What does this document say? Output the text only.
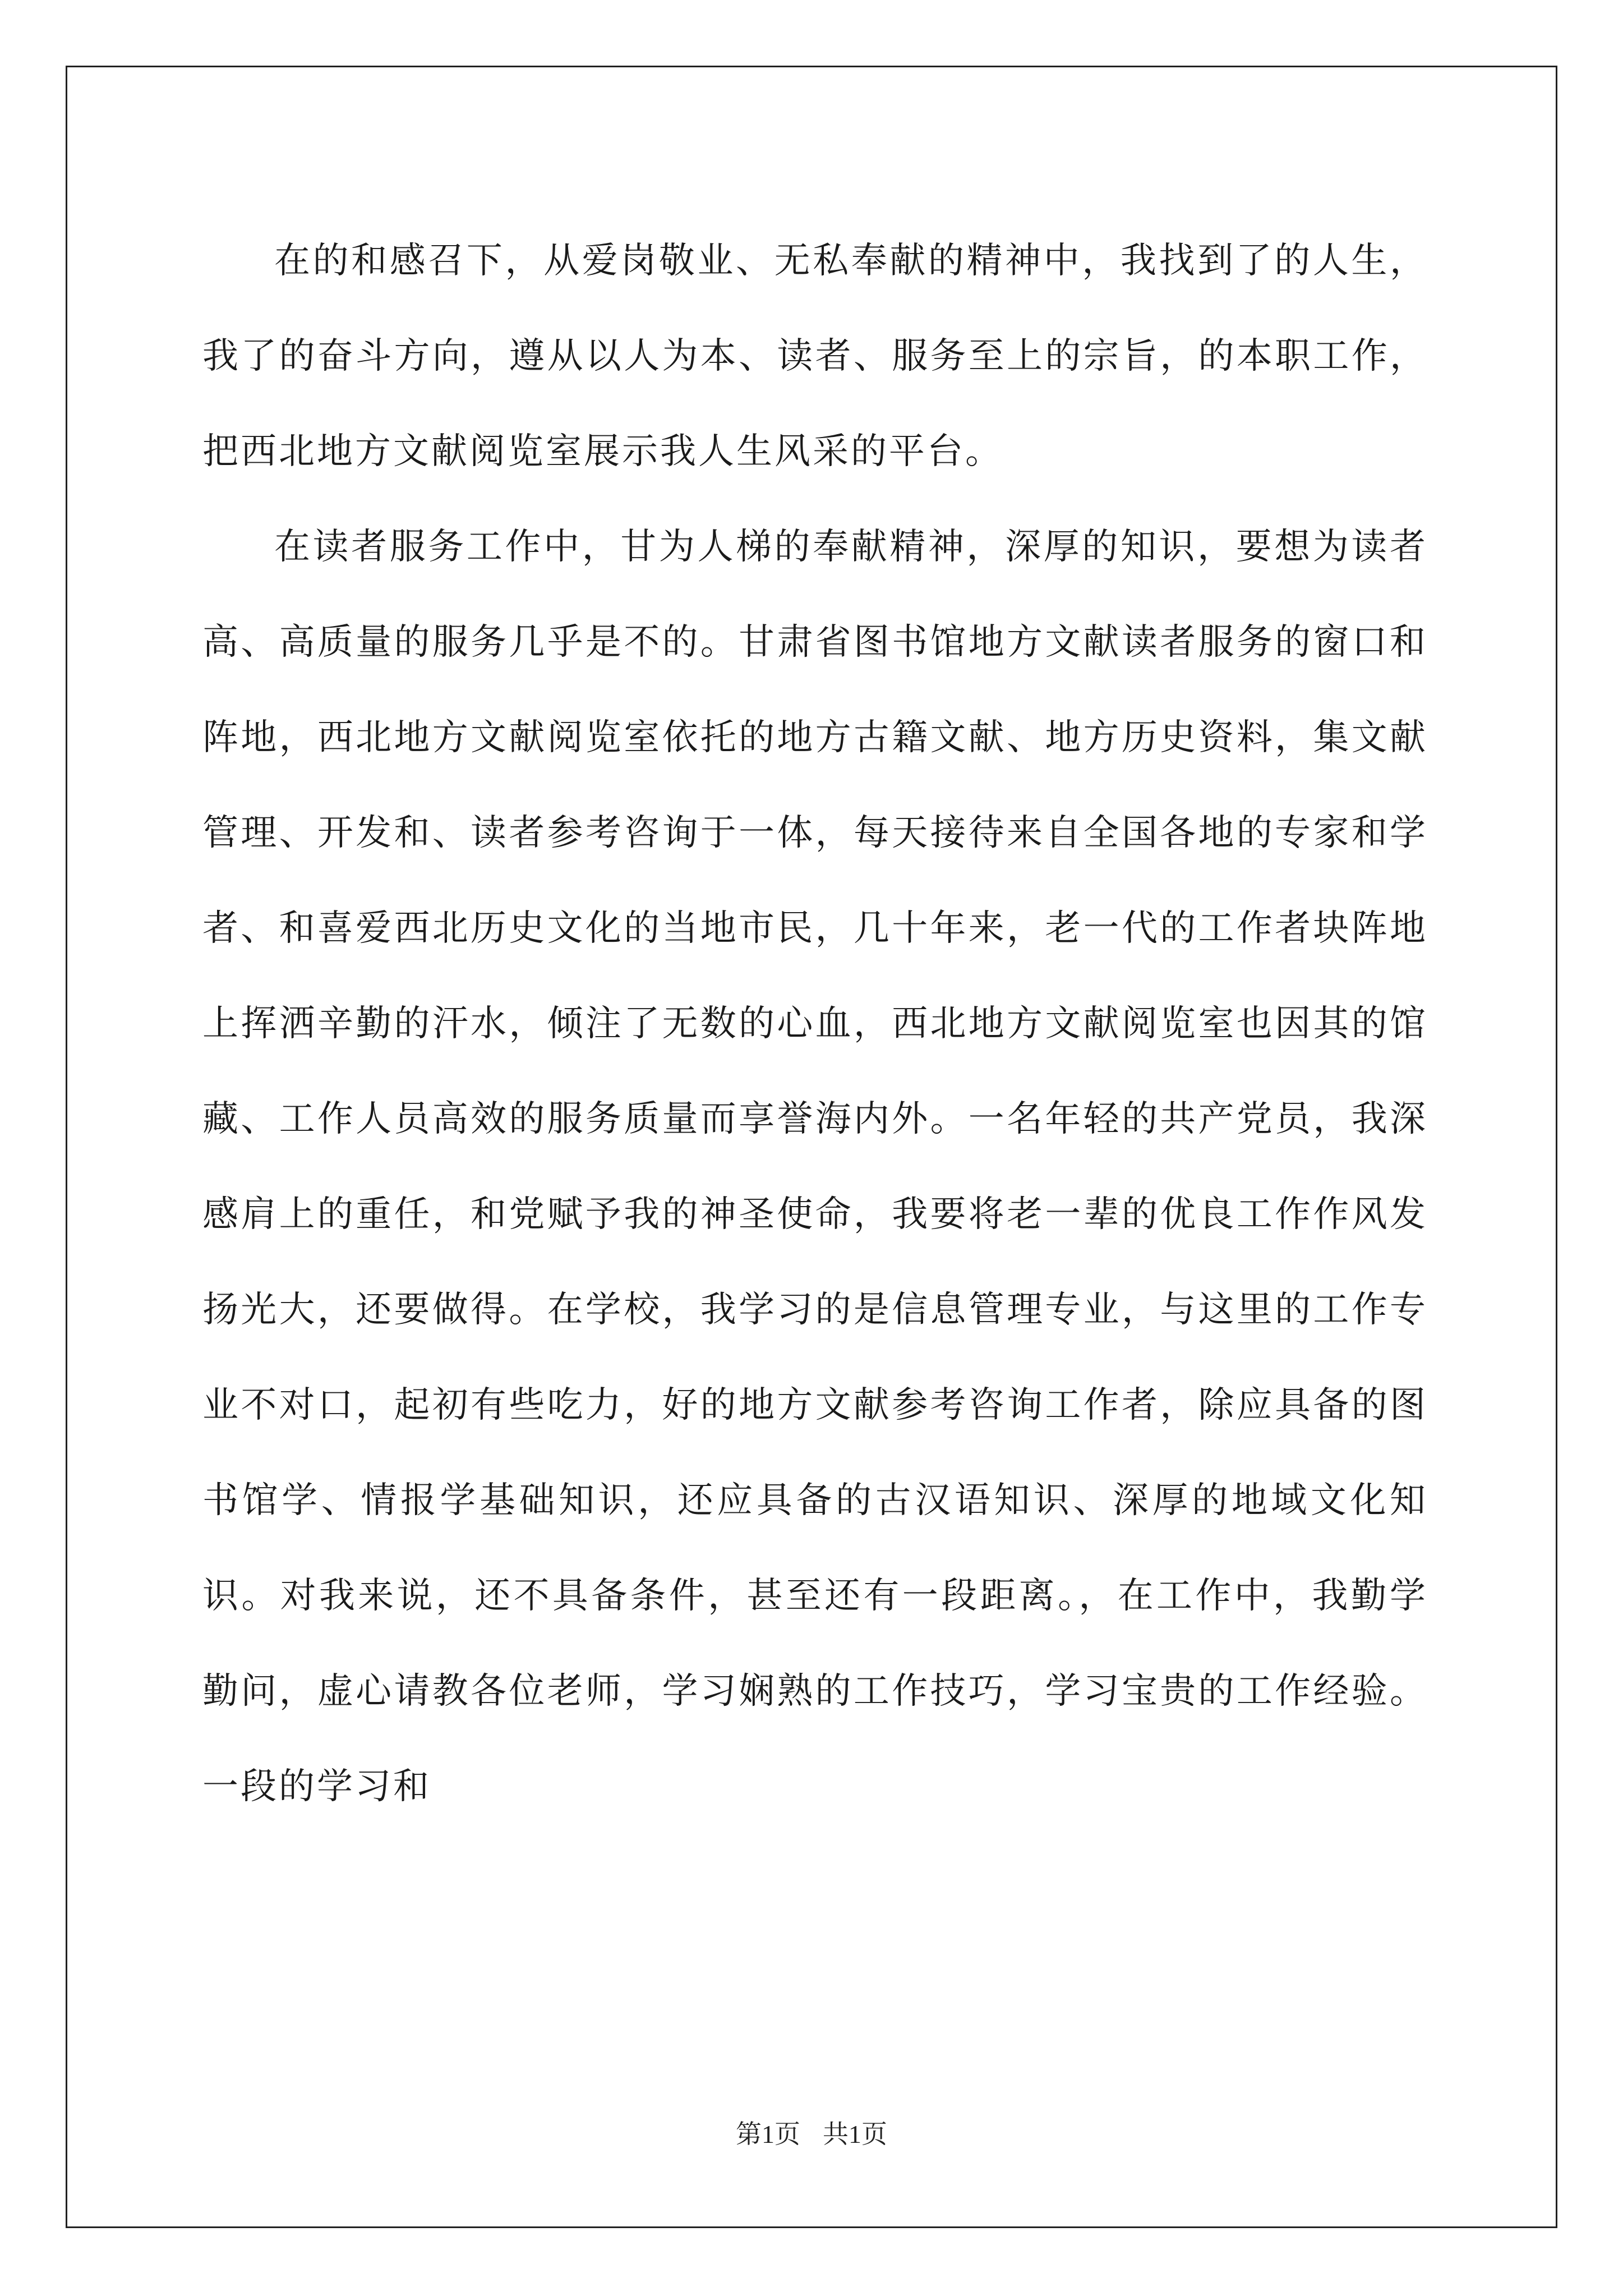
在的和感召下，从爱岗敬业、无私奉献的精神中，我找到了的人生，我了的奋斗方向，遵从以人为本、读者、服务至上的宗旨，的本职工作，把西北地方文献阅览室展示我人生风采的平台。

在读者服务工作中，甘为人梯的奉献精神，深厚的知识，要想为读者高、高质量的服务几乎是不的。甘肃省图书馆地方文献读者服务的窗口和阵地，西北地方文献阅览室依托的地方古籍文献、地方历史资料，集文献管理、开发和、读者参考咨询于一体，每天接待来自全国各地的专家和学者、和喜爱西北历史文化的当地市民，几十年来，老一代的工作者块阵地上挥洒辛勤的汗水，倾注了无数的心血，西北地方文献阅览室也因其的馆藏、工作人员高效的服务质量而享誉海内外。一名年轻的共产党员，我深感肩上的重任，和党赋予我的神圣使命，我要将老一辈的优良工作作风发扬光大，还要做得。在学校，我学习的是信息管理专业，与这里的工作专业不对口，起初有些吃力，好的地方文献参考咨询工作者，除应具备的图书馆学、情报学基础知识，还应具备的古汉语知识、深厚的地域文化知识。对我来说，还不具备条件，甚至还有一段距离。，在工作中，我勤学勤问，虚心请教各位老师，学习娴熟的工作技巧，学习宝贵的工作经验。一段的学习和

第1页 共1页
